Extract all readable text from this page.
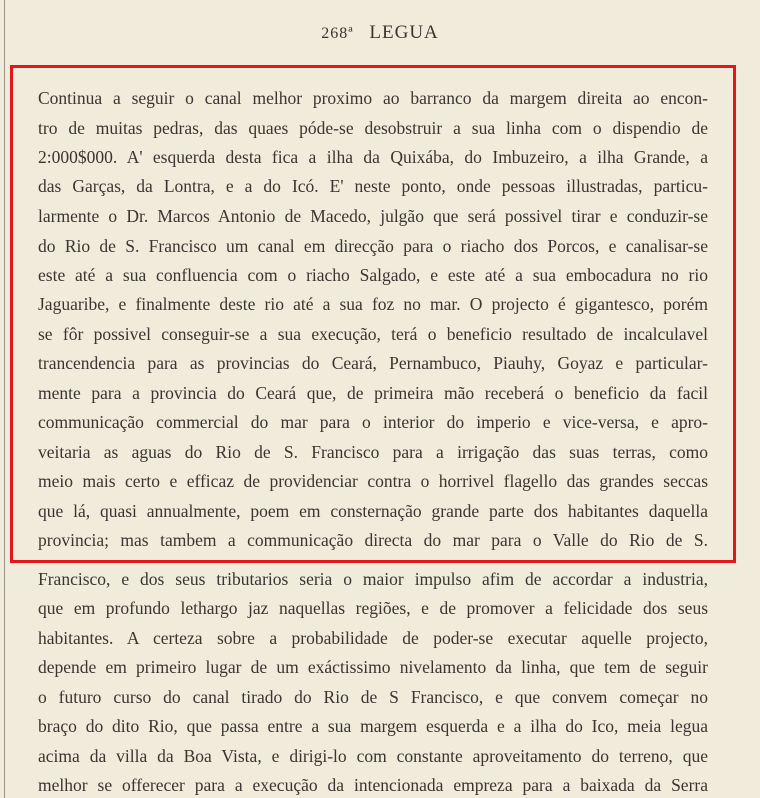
268ª LEGUA
Continua a seguir o canal melhor proximo ao barranco da margem direita ao encon-
tro de muitas pedras, das quaes póde-se desobstruir a sua linha com o dispendio de
2:000$000. A' esquerda desta fica a ilha da Quixába, do Imbuzeiro, a ilha Grande, a
das Garças, da Lontra, e a do Icó. E' neste ponto, onde pessoas illustradas, particu-
larmente o Dr. Marcos Antonio de Macedo, julgão que será possivel tirar e conduzir-se
do Rio de S. Francisco um canal em direcção para o riacho dos Porcos, e canalisar-se
este até a sua confluencia com o riacho Salgado, e este até a sua embocadura no rio
Jaguaribe, e finalmente deste rio até a sua foz no mar. O projecto é gigantesco, porém
se fôr possivel conseguir-se a sua execução, terá o beneficio resultado de incalculavel
trancendencia para as provincias do Ceará, Pernambuco, Piauhy, Goyaz e particular-
mente para a provincia do Ceará que, de primeira mão receberá o beneficio da facil
communicação commercial do mar para o interior do imperio e vice-versa, e apro-
veitaria as aguas do Rio de S. Francisco para a irrigação das suas terras, como
meio mais certo e efficaz de providenciar contra o horrivel flagello das grandes seccas
que lá, quasi annualmente, poem em consternação grande parte dos habitantes daquella
provincia; mas tambem a communicação directa do mar para o Valle do Rio de S.
Francisco, e dos seus tributarios seria o maior impulso afim de accordar a industria,
que em profundo lethargo jaz naquellas regiões, e de promover a felicidade dos seus
habitantes. A certeza sobre a probabilidade de poder-se executar aquelle projecto,
depende em primeiro lugar de um exáctissimo nivelamento da linha, que tem de seguir
o futuro curso do canal tirado do Rio de S Francisco, e que convem começar no
braço do dito Rio, que passa entre a sua margem esquerda e a ilha do Ico, meia legua
acima da villa da Boa Vista, e dirigi-lo com constante aproveitamento do terreno, que
melhor se offerecer para a execução da intencionada empreza para a baixada da Serra
